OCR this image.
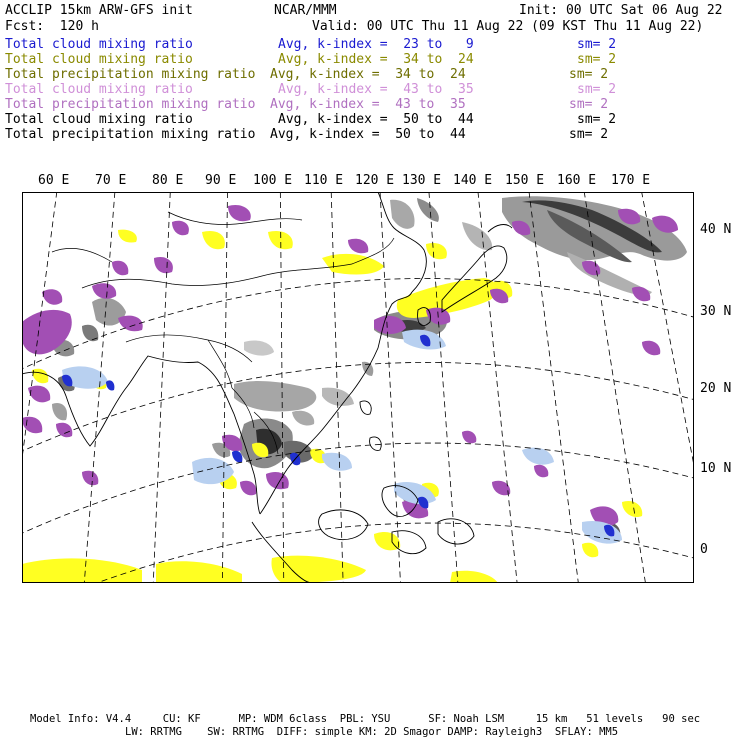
ACCLIP 15km ARW-GFS init	NCAR/MMM	Init: 00 UTC Sat 06 Aug 22
Fcst:  120 h	Valid: 00 UTC Thu 11 Aug 22 (09 KST Thu 11 Aug 22)
Total cloud mixing ratio	Avg, k-index =  23 to   9	sm= 2
Total cloud mixing ratio	Avg, k-index =  34 to  24	sm= 2
Total precipitation mixing ratio Avg, k-index =  34 to  24	sm= 2
Total cloud mixing ratio	Avg, k-index =  43 to  35	sm= 2
Total precipitation mixing ratio Avg, k-index =  43 to  35	sm= 2
Total cloud mixing ratio	Avg, k-index =  50 to  44	sm= 2
Total precipitation mixing ratio Avg, k-index =  50 to  44	sm= 2
60 E 70 E 80 E 90 E 100 E 110 E 120 E 130 E 140 E 150 E 160 E 170 E
40 N
30 N
20 N
10 N
0
Model Info: V4.4     CU: KF      MP: WDM 6class  PBL: YSU      SF: Noah LSM     15 km   51 levels   90 sec
LW: RRTMG    SW: RRTMG  DIFF: simple KM: 2D Smagor DAMP: Rayleigh3  SFLAY: MM5
